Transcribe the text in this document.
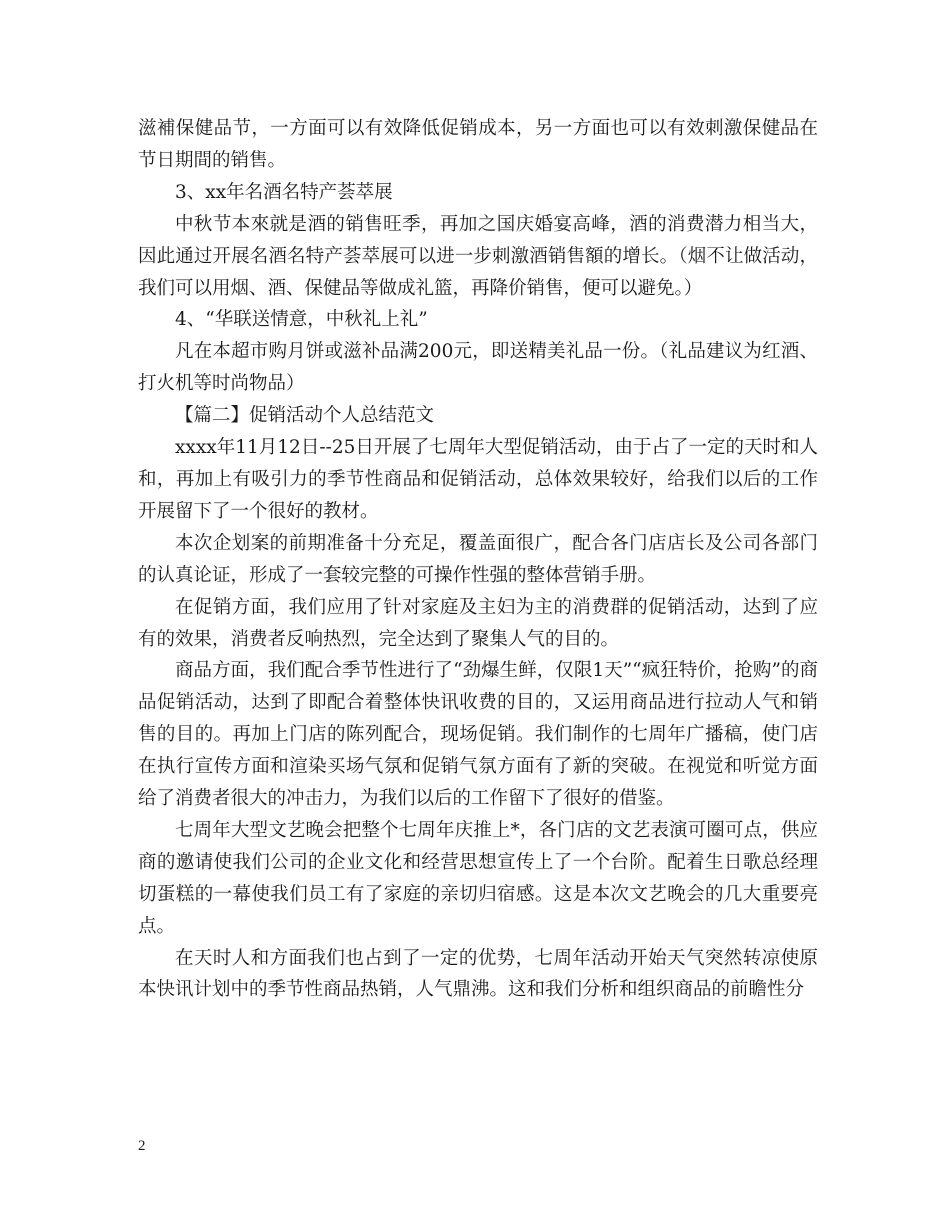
滋補保健品节，一方面可以有效降低促销成本，另一方面也可以有效刺激保健品在节日期間的销售。

3、xx年名酒名特产荟萃展

中秋节本來就是酒的销售旺季，再加之国庆婚宴高峰，酒的消费潜力相当大，因此通过开展名酒名特产荟萃展可以进一步刺激酒销售額的增长。（烟不让做活动，我们可以用烟、酒、保健品等做成礼篮，再降价销售，便可以避免。）

4、“华联送情意，中秋礼上礼”

凡在本超市购月饼或滋补品满200元，即送精美礼品一份。（礼品建议为红酒、打火机等时尚物品）

【篇二】促销活动个人总结范文

xxxx年11月12日--25日开展了七周年大型促销活动，由于占了一定的天时和人和，再加上有吸引力的季节性商品和促销活动，总体效果较好，给我们以后的工作开展留下了一个很好的教材。

本次企划案的前期准备十分充足，覆盖面很广，配合各门店店长及公司各部门的认真论证，形成了一套较完整的可操作性强的整体营销手册。

在促销方面，我们应用了针对家庭及主妇为主的消费群的促销活动，达到了应有的效果，消费者反响热烈，完全达到了聚集人气的目的。

商品方面，我们配合季节性进行了“劲爆生鲜，仅限1天”“疯狂特价，抢购”的商品促销活动，达到了即配合着整体快讯收费的目的，又运用商品进行拉动人气和销售的目的。再加上门店的陈列配合，现场促销。我们制作的七周年广播稿，使门店在执行宣传方面和渲染买场气氛和促销气氛方面有了新的突破。在视觉和听觉方面给了消费者很大的冲击力，为我们以后的工作留下了很好的借鉴。

七周年大型文艺晚会把整个七周年庆推上*，各门店的文艺表演可圈可点，供应商的邀请使我们公司的企业文化和经营思想宣传上了一个台阶。配着生日歌总经理切蛋糕的一幕使我们员工有了家庭的亲切归宿感。这是本次文艺晚会的几大重要亮点。

在天时人和方面我们也占到了一定的优势，七周年活动开始天气突然转凉使原本快讯计划中的季节性商品热销，人气鼎沸。这和我们分析和组织商品的前瞻性分

2
